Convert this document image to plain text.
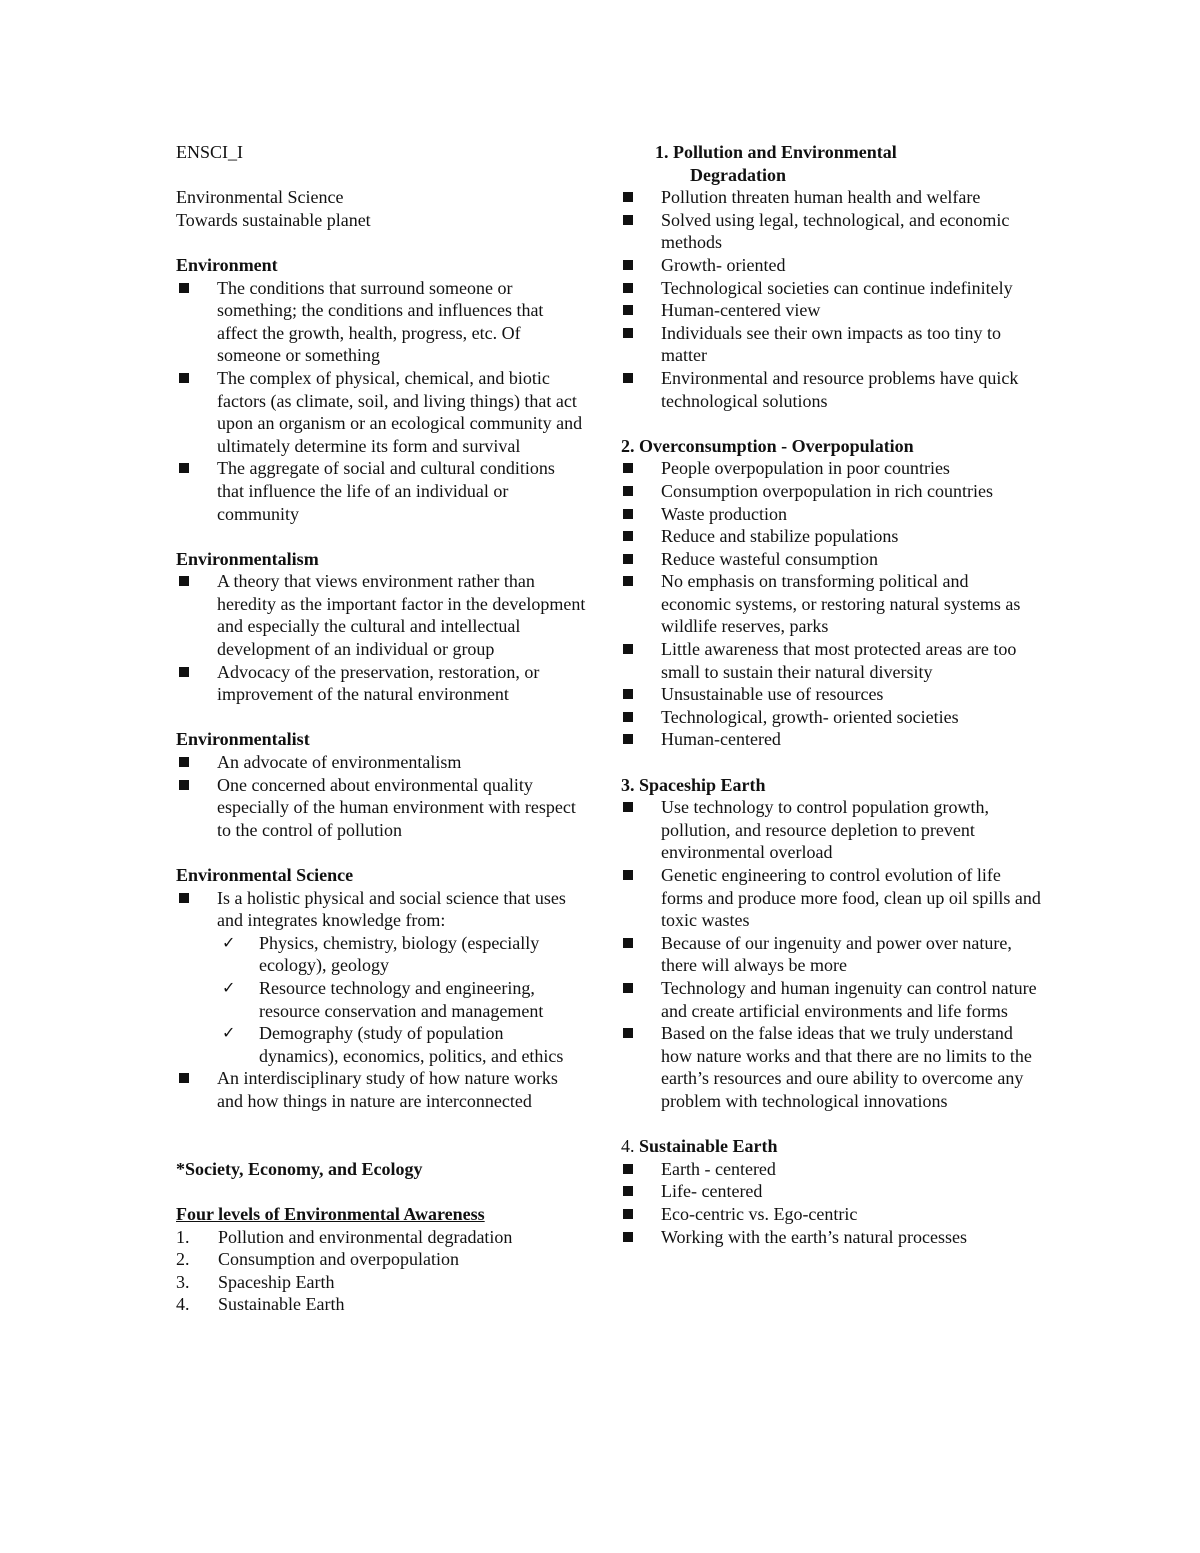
ENSCI_I
Environmental Science
Towards sustainable planet
Environment
The conditions that surround someone or something; the conditions and influences that affect the growth, health, progress, etc. Of someone or something
The complex of physical, chemical, and biotic factors (as climate, soil, and living things) that act upon an organism or an ecological community and ultimately determine its form and survival
The aggregate of social and cultural conditions that influence the life of an individual or community
Environmentalism
A theory that views environment rather than heredity as the important factor in the development and especially the cultural and intellectual development of an individual or group
Advocacy of the preservation, restoration, or improvement of the natural environment
Environmentalist
An advocate of environmentalism
One concerned about environmental quality especially of the human environment with respect to the control of pollution
Environmental Science
Is a holistic physical and social science that uses and integrates knowledge from:
✓	Physics, chemistry, biology (especially ecology), geology
✓	Resource technology and engineering, resource conservation and management
✓	Demography (study of population dynamics), economics, politics, and ethics
An interdisciplinary study of how nature works and how things in nature are interconnected
*Society, Economy, and Ecology
Four levels of Environmental Awareness
1.	Pollution and environmental degradation
2.	Consumption and overpopulation
3.	Spaceship Earth
4.	Sustainable Earth
1. Pollution and Environmental
Degradation
Pollution threaten human health and welfare
Solved using legal, technological, and economic methods
Growth- oriented
Technological societies can continue indefinitely
Human-centered view
Individuals see their own impacts as too tiny to matter
Environmental and resource problems have quick technological solutions
2. Overconsumption - Overpopulation
People overpopulation in poor countries
Consumption overpopulation in rich countries
Waste production
Reduce and stabilize populations
Reduce wasteful consumption
No emphasis on transforming political and economic systems, or restoring natural systems as wildlife reserves, parks
Little awareness that most protected areas are too small to sustain their natural diversity
Unsustainable use of resources
Technological, growth- oriented societies
Human-centered
3. Spaceship Earth
Use technology to control population growth, pollution, and resource depletion to prevent environmental overload
Genetic engineering to control evolution of life forms and produce more food, clean up oil spills and toxic wastes
Because of our ingenuity and power over nature, there will always be more
Technology and human ingenuity can control nature and create artificial environments and life forms
Based on the false ideas that we truly understand how nature works and that there are no limits to the earth’s resources and oure ability to overcome any problem with technological innovations
4. Sustainable Earth
Earth - centered
Life- centered
Eco-centric vs. Ego-centric
Working with the earth’s natural processes
